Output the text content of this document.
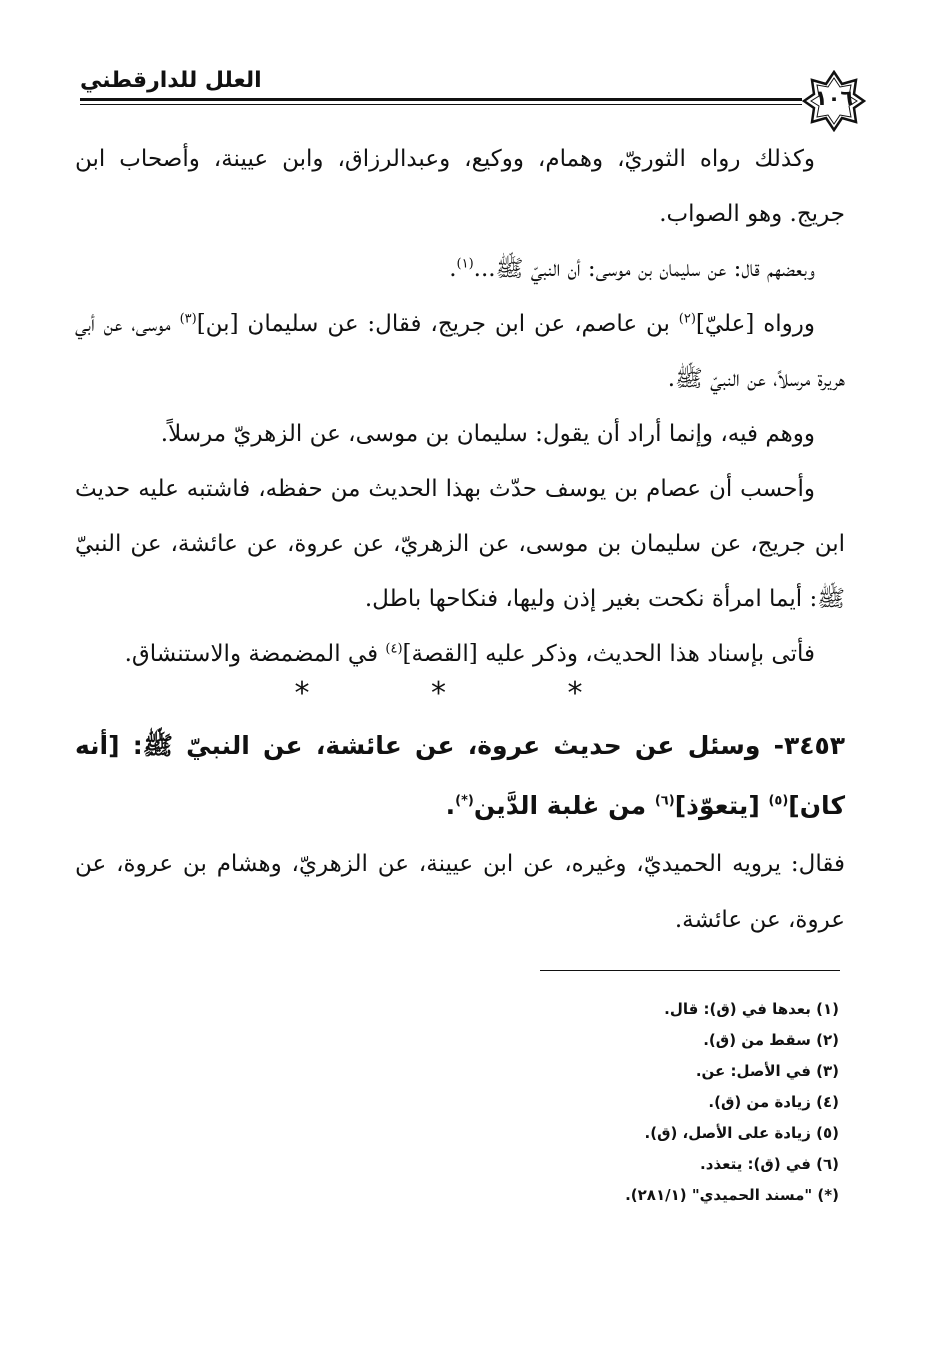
العلل للدارقطني
١٠٦

وكذلك رواه الثوريّ، وهمام، ووكيع، وعبدالرزاق، وابن عيينة، وأصحاب ابن جريج. وهو الصواب.

وبعضهم قال: عن سليمان بن موسى: أن النبيّ ﷺ...$^{(١)}$.

ورواه [عليّ]$^{(٢)}$ بن عاصم، عن ابن جريج، فقال: عن سليمان [بن]$^{(٣)}$ موسى، عن أبي هريرة مرسلاً، عن النبيّ ﷺ.

ووهم فيه، وإنما أراد أن يقول: سليمان بن موسى، عن الزهريّ مرسلاً.

وأحسب أن عصام بن يوسف حدّث بهذا الحديث من حفظه، فاشتبه عليه حديث ابن جريج، عن سليمان بن موسى، عن الزهريّ، عن عروة، عن عائشة، عن النبيّ ﷺ: أيما امرأة نكحت بغير إذن وليها، فنكاحها باطل.

فأتى بإسناد هذا الحديث، وذكر عليه [القصة]$^{(٤)}$ في المضمضة والاستنشاق.

* * *
٣٤٥٣- وسئل عن حديث عروة، عن عائشة، عن النبيّ ﷺ: [أنه كان]$^{(٥)}$ [يتعوّذ]$^{(٦)}$ من غلبة الدَّين(*).
فقال: يرويه الحميديّ، وغيره، عن ابن عيينة، عن الزهريّ، وهشام بن عروة، عن عروة، عن عائشة.

(١) بعدها في (ق): قال.

(٢) سقط من (ق).

(٣) في الأصل: عن.

(٤) زيادة من (ق).

(٥) زيادة على الأصل، (ق).

(٦) في (ق): يتعذد.

(*) "مسند الحميدي" (٢٨١/١).
